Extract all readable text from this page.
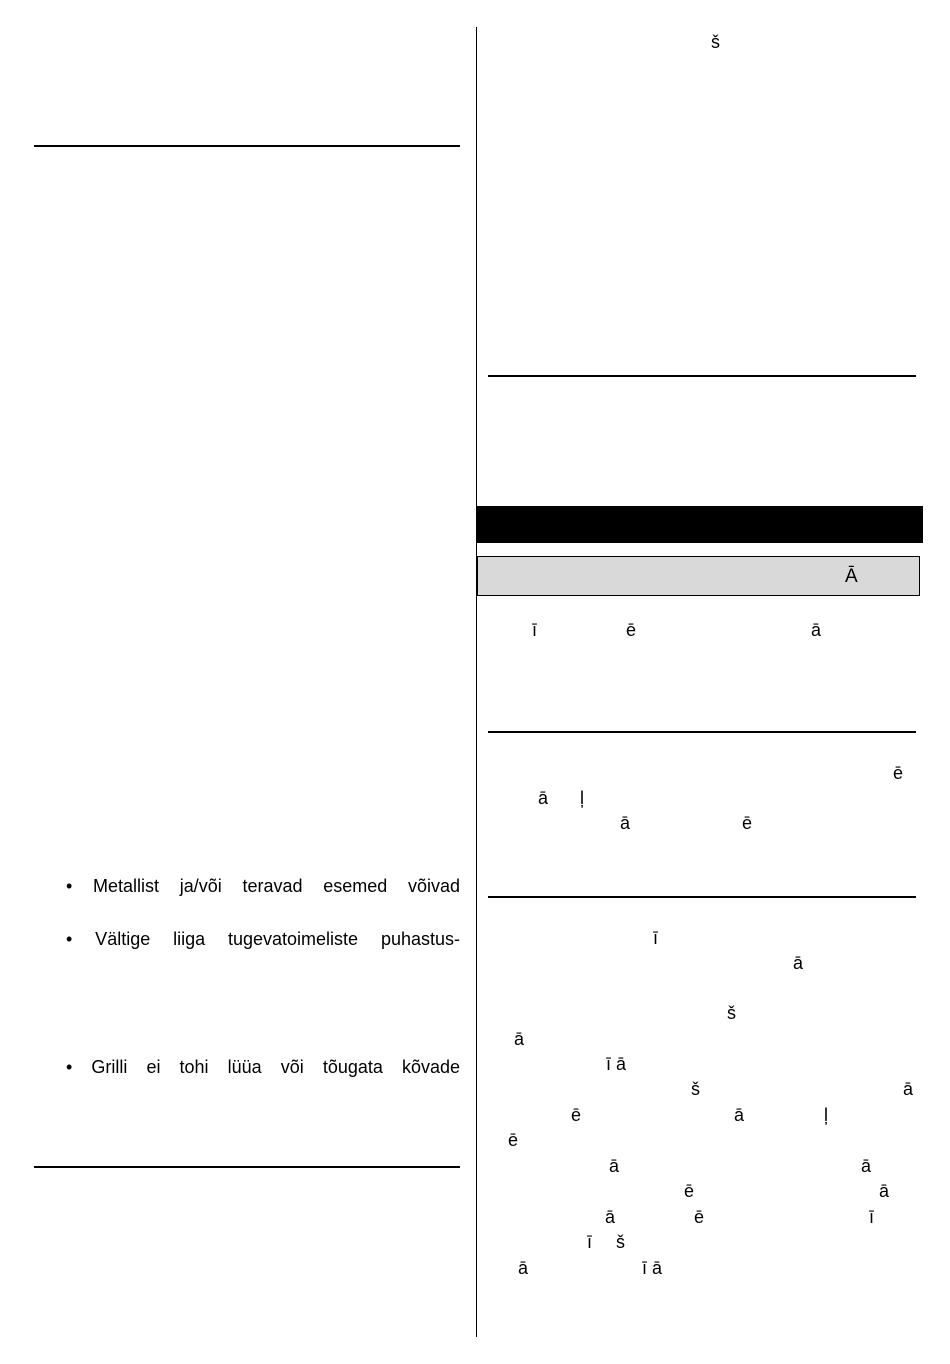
• Metallist ja/või teravad esemed võivad
• Vältige liiga tugevatoimeliste puhastus-
• Grilli ei tohi lüüa või tõugata kõvade
š
Ā
ī	ē	ā
ē
ā ļ
ā	ē
ī
ā
š
ā
ī ā
š	ā
ē	ā	ļ
ē
ā	ā
ē	ā
ā	ē	ī
ī š
ā	ī ā
